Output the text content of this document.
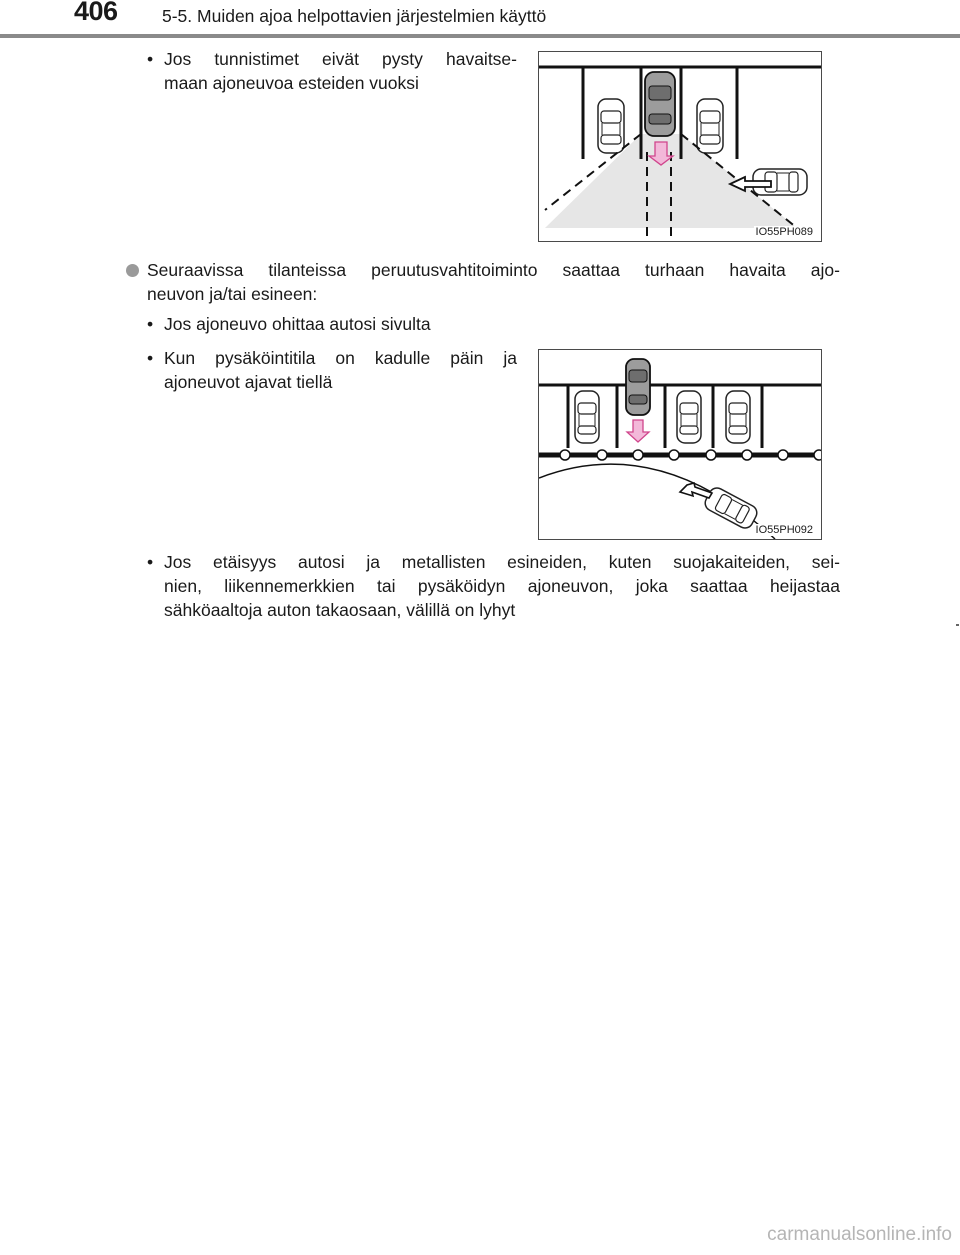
406	5-5. Muiden ajoa helpottavien järjestelmien käyttö
• Jos tunnistimet eivät pysty havaitse-
maan ajoneuvoa esteiden vuoksi
IO55PH089
Seuraavissa tilanteissa peruutusvahtitoiminto saattaa turhaan havaita ajo-
neuvon ja/tai esineen:
• Jos ajoneuvo ohittaa autosi sivulta
• Kun pysäköintitila on kadulle päin ja
ajoneuvot ajavat tiellä
IO55PH092
• Jos etäisyys autosi ja metallisten esineiden, kuten suojakaiteiden, sei-
nien, liikennemerkkien tai pysäköidyn ajoneuvon, joka saattaa heijastaa
sähköaaltoja auton takaosaan, välillä on lyhyt
carmanualsonline.info
